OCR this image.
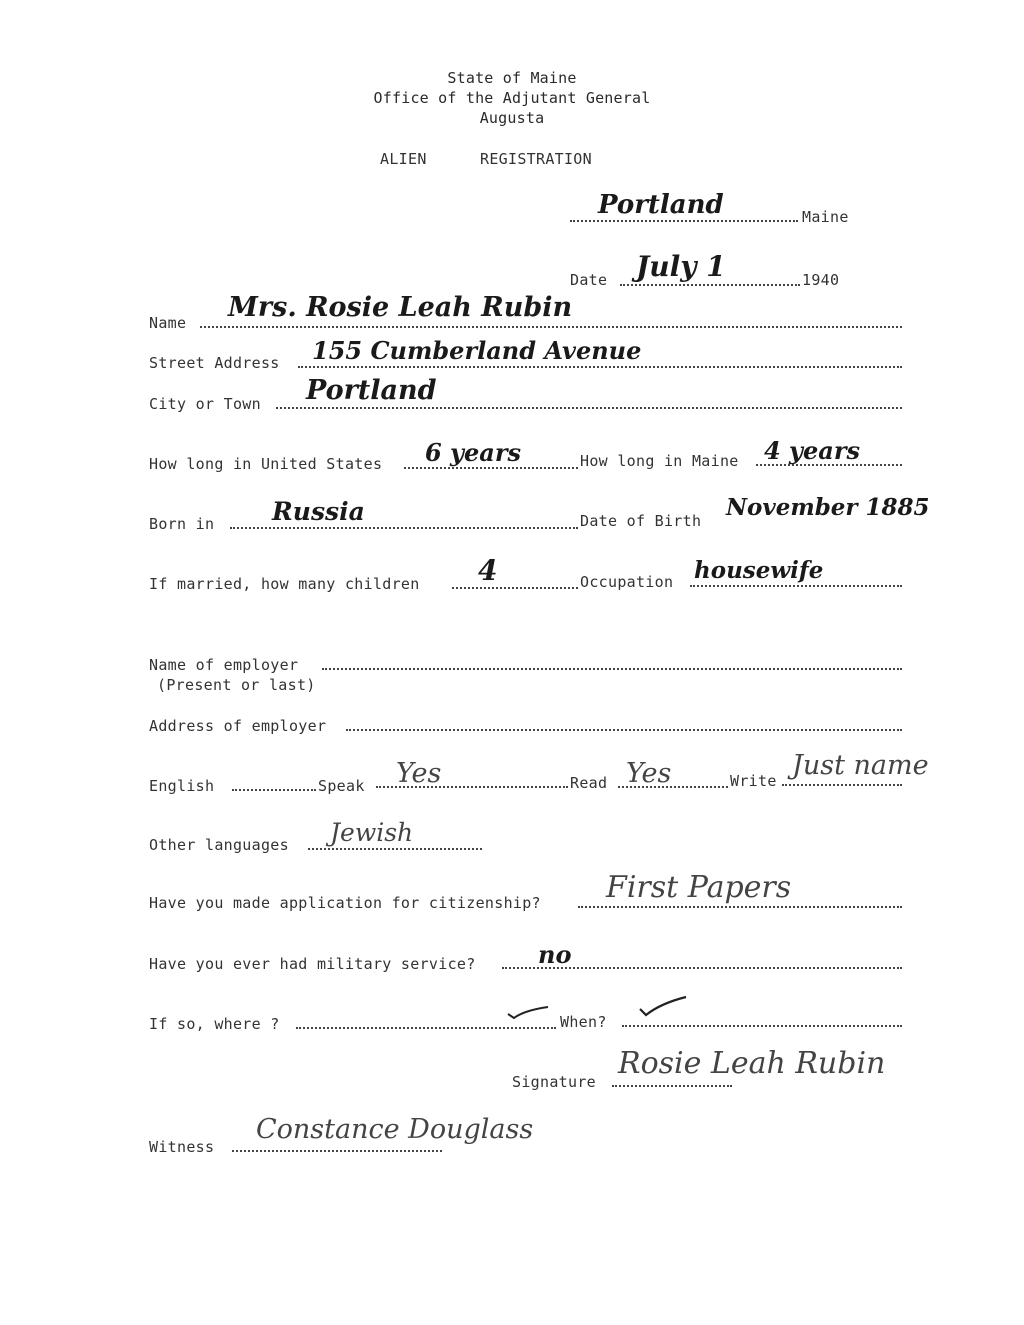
State of Maine
Office of the Adjutant General
Augusta
ALIEN	REGISTRATION
Portland	Maine
Date July 1	1940
Name Mrs. Rosie Leah Rubin
Street Address 155 Cumberland Avenue
City or Town Portland
How long in United States 6 years	How long in Maine 4 years
Born in Russia	Date of Birth November 1885
If married, how many children 4	Occupation housewife
Name of employer
(Present or last)
Address of employer
English	Speak Yes	Read Yes	Write Just name
Other languages Jewish
Have you made application for citizenship? First Papers
Have you ever had military service?	no
If so, where ?	When?
Signature
Rosie Leah Rubin
Witness
Constance Douglass
